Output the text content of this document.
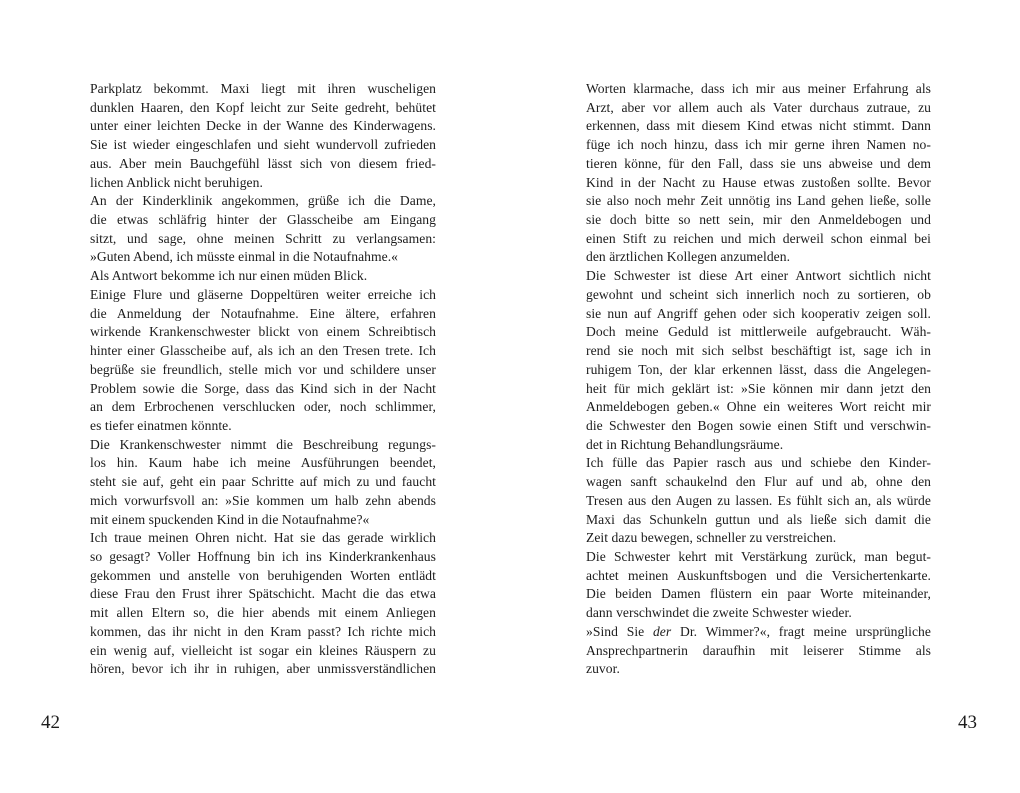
Parkplatz bekommt. Maxi liegt mit ihren wuscheligen
dunklen Haaren, den Kopf leicht zur Seite gedreht, behütet
unter einer leichten Decke in der Wanne des Kinderwagens.
Sie ist wieder eingeschlafen und sieht wundervoll zufrieden
aus. Aber mein Bauchgefühl lässt sich von diesem fried-
lichen Anblick nicht beruhigen.
An der Kinderklinik angekommen, grüße ich die Dame,
die etwas schläfrig hinter der Glasscheibe am Eingang
sitzt, und sage, ohne meinen Schritt zu verlangsamen:
»Guten Abend, ich müsste einmal in die Notaufnahme.«
Als Antwort bekomme ich nur einen müden Blick.
Einige Flure und gläserne Doppeltüren weiter erreiche ich
die Anmeldung der Notaufnahme. Eine ältere, erfahren
wirkende Krankenschwester blickt von einem Schreibtisch
hinter einer Glasscheibe auf, als ich an den Tresen trete. Ich
begrüße sie freundlich, stelle mich vor und schildere unser
Problem sowie die Sorge, dass das Kind sich in der Nacht
an dem Erbrochenen verschlucken oder, noch schlimmer,
es tiefer einatmen könnte.
Die Krankenschwester nimmt die Beschreibung regungs-
los hin. Kaum habe ich meine Ausführungen beendet,
steht sie auf, geht ein paar Schritte auf mich zu und faucht
mich vorwurfsvoll an: »Sie kommen um halb zehn abends
mit einem spuckenden Kind in die Notaufnahme?«
Ich traue meinen Ohren nicht. Hat sie das gerade wirklich
so gesagt? Voller Hoffnung bin ich ins Kinderkrankenhaus
gekommen und anstelle von beruhigenden Worten entlädt
diese Frau den Frust ihrer Spätschicht. Macht die das etwa
mit allen Eltern so, die hier abends mit einem Anliegen
kommen, das ihr nicht in den Kram passt? Ich richte mich
ein wenig auf, vielleicht ist sogar ein kleines Räuspern zu
hören, bevor ich ihr in ruhigen, aber unmissverständlichen
Worten klarmache, dass ich mir aus meiner Erfahrung als
Arzt, aber vor allem auch als Vater durchaus zutraue, zu
erkennen, dass mit diesem Kind etwas nicht stimmt. Dann
füge ich noch hinzu, dass ich mir gerne ihren Namen no-
tieren könne, für den Fall, dass sie uns abweise und dem
Kind in der Nacht zu Hause etwas zustoßen sollte. Bevor
sie also noch mehr Zeit unnötig ins Land gehen ließe, solle
sie doch bitte so nett sein, mir den Anmeldebogen und
einen Stift zu reichen und mich derweil schon einmal bei
den ärztlichen Kollegen anzumelden.
Die Schwester ist diese Art einer Antwort sichtlich nicht
gewohnt und scheint sich innerlich noch zu sortieren, ob
sie nun auf Angriff gehen oder sich kooperativ zeigen soll.
Doch meine Geduld ist mittlerweile aufgebraucht. Wäh-
rend sie noch mit sich selbst beschäftigt ist, sage ich in
ruhigem Ton, der klar erkennen lässt, dass die Angelegen-
heit für mich geklärt ist: »Sie können mir dann jetzt den
Anmeldebogen geben.« Ohne ein weiteres Wort reicht mir
die Schwester den Bogen sowie einen Stift und verschwin-
det in Richtung Behandlungsräume.
Ich fülle das Papier rasch aus und schiebe den Kinder-
wagen sanft schaukelnd den Flur auf und ab, ohne den
Tresen aus den Augen zu lassen. Es fühlt sich an, als würde
Maxi das Schunkeln guttun und als ließe sich damit die
Zeit dazu bewegen, schneller zu verstreichen.
Die Schwester kehrt mit Verstärkung zurück, man begut-
achtet meinen Auskunftsbogen und die Versichertenkarte.
Die beiden Damen flüstern ein paar Worte miteinander,
dann verschwindet die zweite Schwester wieder.
»Sind Sie der Dr. Wimmer?«, fragt meine ursprüngliche
Ansprechpartnerin daraufhin mit leiserer Stimme als
zuvor.
42	43
